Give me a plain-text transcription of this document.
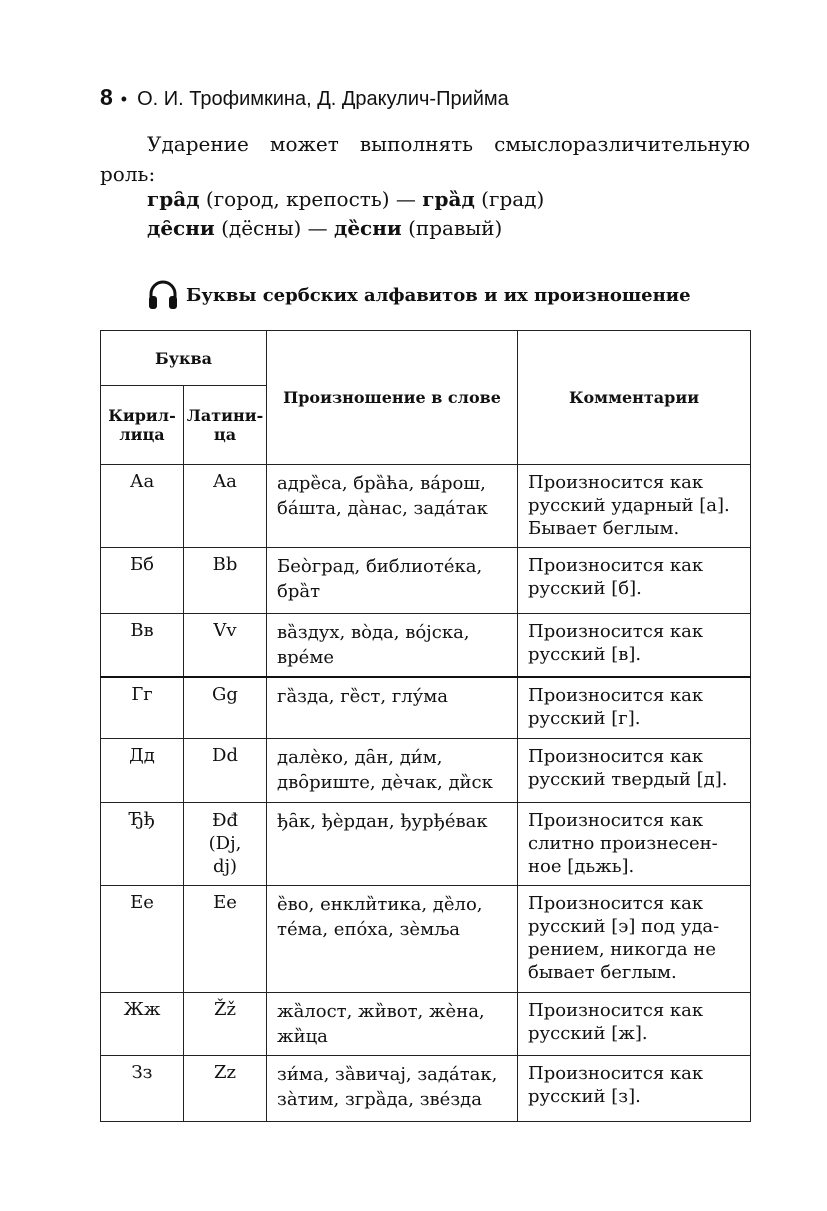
8 • О. И. Трофимкина, Д. Дракулич-Прийма
Ударение может выполнять смыслоразличительную роль:
гра̑д (город, крепость) — гра̏д (град)
де̑сни (дёсны) — де̏сни (правый)
Буквы сербских алфавитов и их произношение
Буква		Произношение в слове	Комментарии
Кириллица	Латиница		
Аа	Aa	адре̏са, бра̏ћа, ва́рош, ба́шта, да̀нас, зада́так	Произносится как русский ударный [а]. Бывает беглым.
Бб	Bb	Бео̀град, библиоте́ка, бра̏т	Произносится как русский [б].
Вв	Vv	ва̏здух, во̀да, во́јска, вре́ме	Произносится как русский [в].
Гг	Gg	га̏зда, ге̏ст, глу́ма	Произносится как русский [г].
Дд	Dd	далѐко, да̑н, ди́м, дво̑риште, дѐчак, ди̏ск	Произносится как русский твердый [д].
Ђђ	Đđ (Dj, dj)	ђа̑к, ђѐрдан, ђурђе́вак	Произносится как слитно произнесенное [дьжь].
Ее	Ee	е̏во, енкли̏тика, де̏ло, те́ма, епо́ха, зѐмља	Произносится как русский [э] под ударением, никогда не бывает беглым.
Жж	Žž	жа̏лост, жи̏вот, жѐна, жи̏ца	Произносится как русский [ж].
Зз	Zz	зи́ма, за̏вичај, зада́так, за̀тим, згра̏да, зве́зда	Произносится как русский [з].
